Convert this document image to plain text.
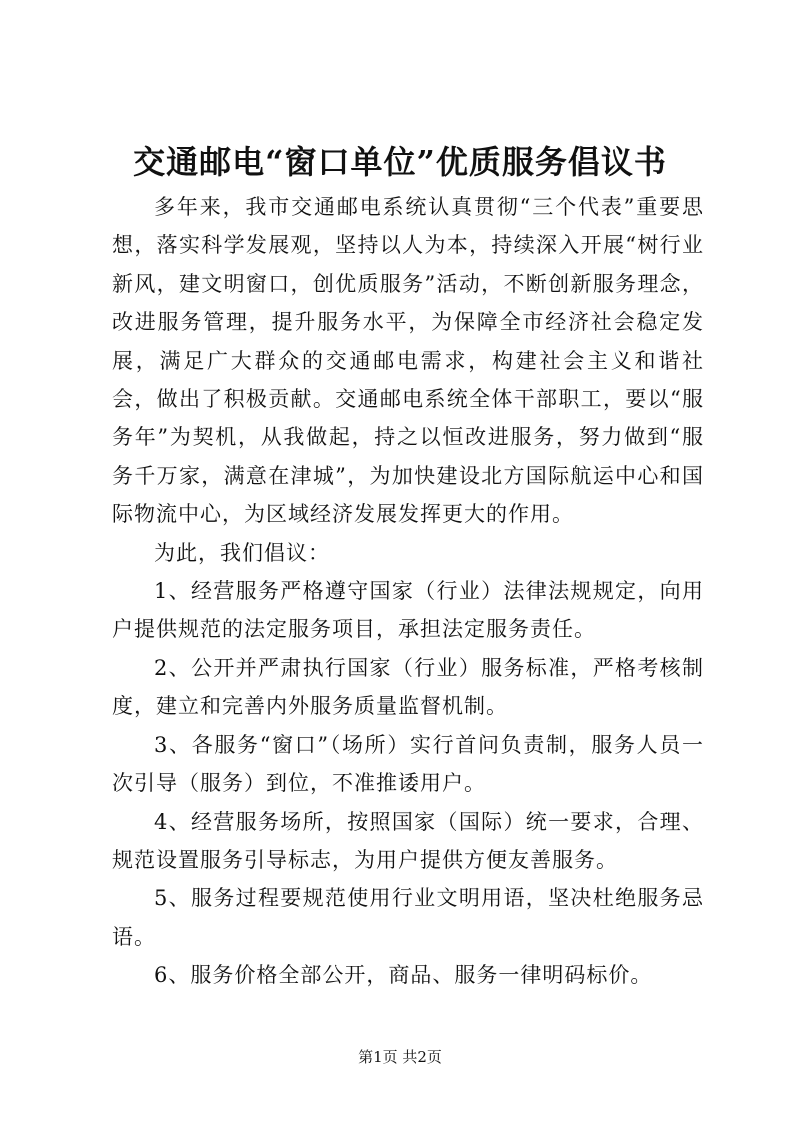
交通邮电“窗口单位”优质服务倡议书

多年来，我市交通邮电系统认真贯彻“三个代表”重要思想，落实科学发展观，坚持以人为本，持续深入开展“树行业新风，建文明窗口，创优质服务”活动，不断创新服务理念，改进服务管理，提升服务水平，为保障全市经济社会稳定发展，满足广大群众的交通邮电需求，构建社会主义和谐社会，做出了积极贡献。交通邮电系统全体干部职工，要以“服务年”为契机，从我做起，持之以恒改进服务，努力做到“服务千万家，满意在津城”，为加快建设北方国际航运中心和国际物流中心，为区域经济发展发挥更大的作用。

为此，我们倡议：

1、经营服务严格遵守国家（行业）法律法规规定，向用户提供规范的法定服务项目，承担法定服务责任。

2、公开并严肃执行国家（行业）服务标准，严格考核制度，建立和完善内外服务质量监督机制。

3、各服务“窗口”（场所）实行首问负责制，服务人员一次引导（服务）到位，不准推诿用户。

4、经营服务场所，按照国家（国际）统一要求，合理、规范设置服务引导标志，为用户提供方便友善服务。

5、服务过程要规范使用行业文明用语，坚决杜绝服务忌语。

6、服务价格全部公开，商品、服务一律明码标价。

第1页 共2页
